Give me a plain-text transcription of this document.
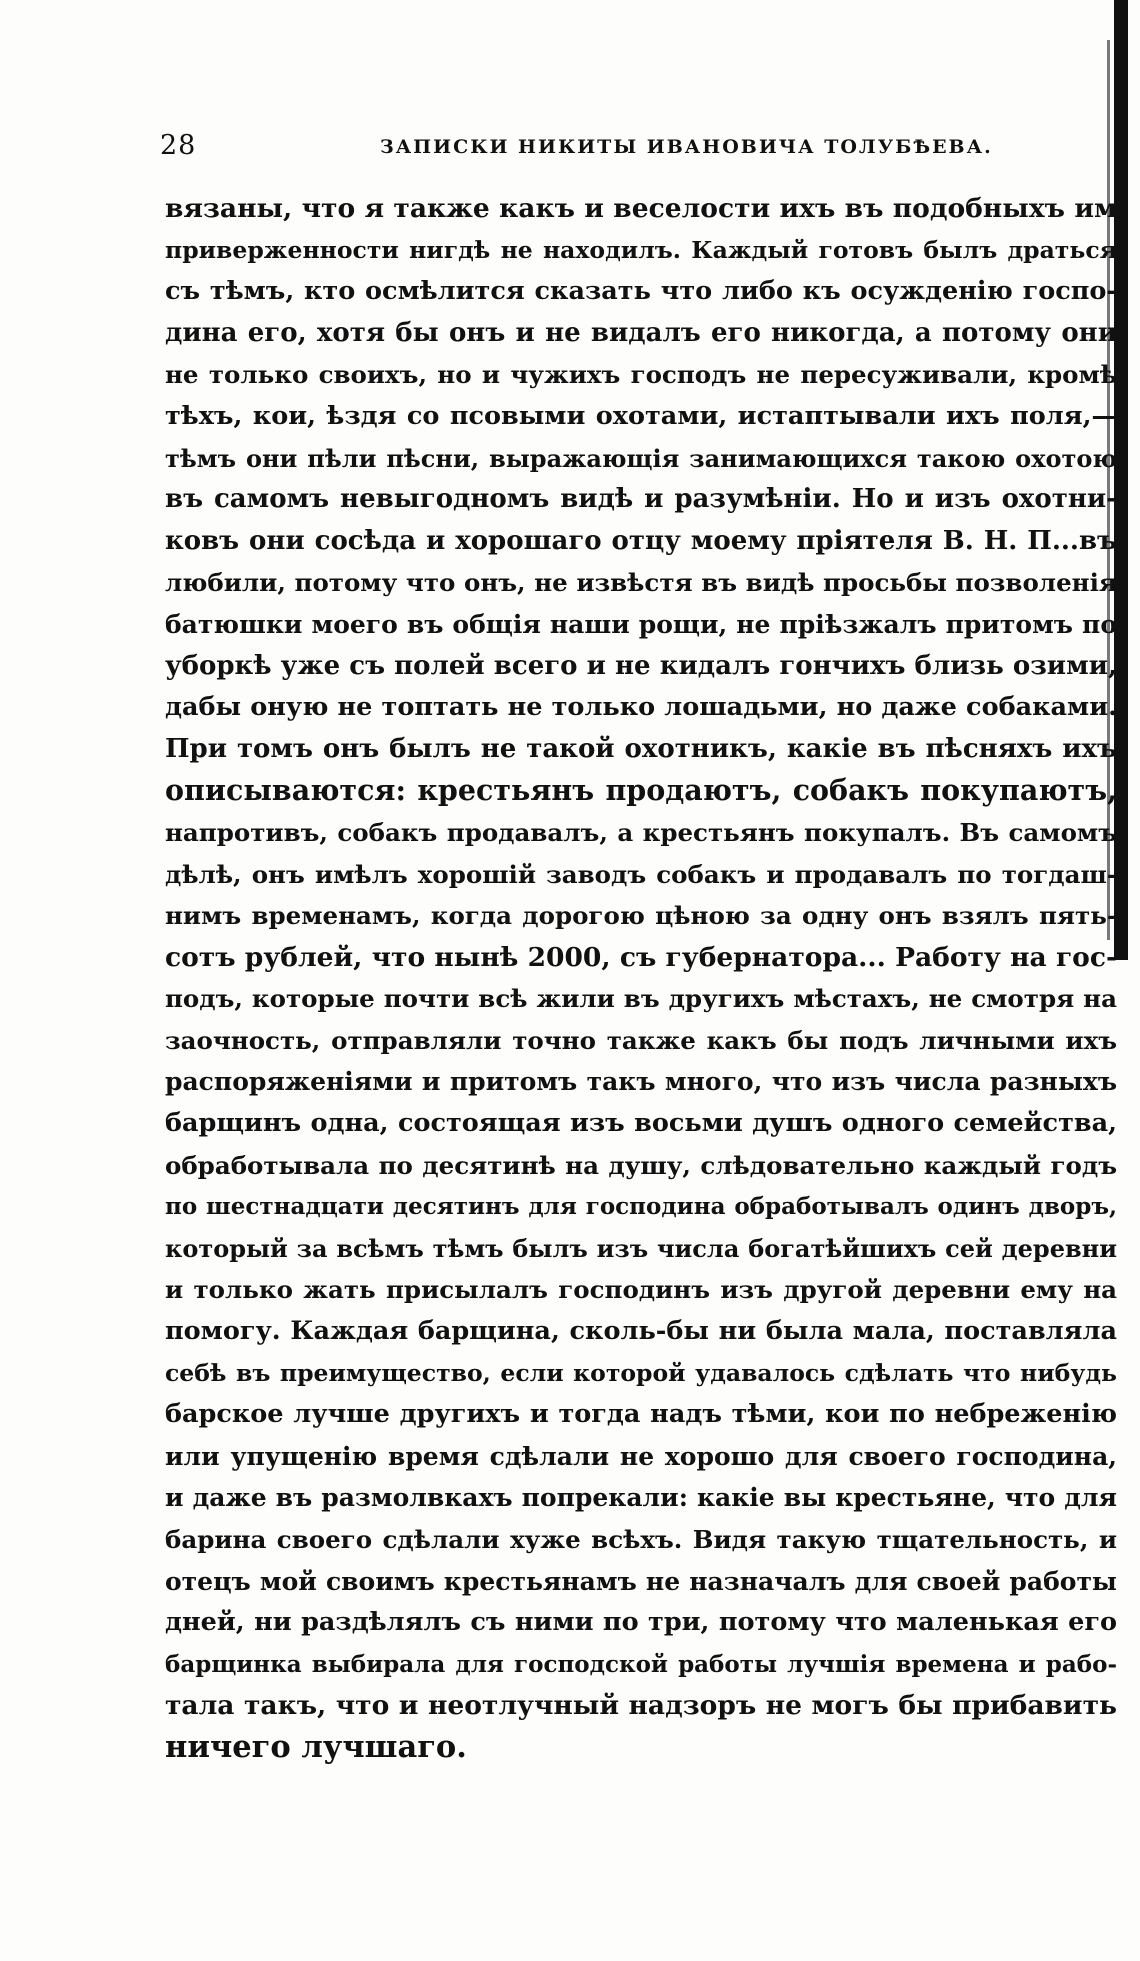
28	ЗАПИСКИ НИКИТЫ ИВАНОВИЧА ТОЛУБѢЕВА.
вязаны, что я также какъ и веселости ихъ въ подобныхъ им
приверженности нигдѣ не находилъ. Каждый готовъ былъ драться
съ тѣмъ, кто осмѣлится сказать что либо къ осужденію госпо-
дина его, хотя бы онъ и не видалъ его никогда, а потому они
не только своихъ, но и чужихъ господъ не пересуживали, кромѣ
тѣхъ, кои, ѣздя со псовыми охотами, истаптывали ихъ поля,—
тѣмъ они пѣли пѣсни, выражающія занимающихся такою охотою
въ самомъ невыгодномъ видѣ и разумѣніи. Но и изъ охотни-
ковъ они сосѣда и хорошаго отцу моему пріятеля В. Н. П...въ
любили, потому что онъ, не извѣстя въ видѣ просьбы позволенія
батюшки моего въ общія наши рощи, не пріѣзжалъ притомъ по
уборкѣ уже съ полей всего и не кидалъ гончихъ близь озими,
дабы оную не топтать не только лошадьми, но даже собаками.
При томъ онъ былъ не такой охотникъ, какіе въ пѣсняхъ ихъ
описываются: крестьянъ продаютъ, собакъ покупаютъ,
напротивъ, собакъ продавалъ, а крестьянъ покупалъ. Въ самомъ
дѣлѣ, онъ имѣлъ хорошій заводъ собакъ и продавалъ по тогдаш-
нимъ временамъ, когда дорогою цѣною за одну онъ взялъ пять-
сотъ рублей, что нынѣ 2000, съ губернатора... Работу на гос-
подъ, которые почти всѣ жили въ другихъ мѣстахъ, не смотря на
заочность, отправляли точно также какъ бы подъ личными ихъ
распоряженіями и притомъ такъ много, что изъ числа разныхъ
барщинъ одна, состоящая изъ восьми душъ одного семейства,
обработывала по десятинѣ на душу, слѣдовательно каждый годъ
по шестнадцати десятинъ для господина обработывалъ одинъ дворъ,
который за всѣмъ тѣмъ былъ изъ числа богатѣйшихъ сей деревни
и только жать присылалъ господинъ изъ другой деревни ему на
помогу. Каждая барщина, сколь-бы ни была мала, поставляла
себѣ въ преимущество, если которой удавалось сдѣлать что нибудь
барское лучше другихъ и тогда надъ тѣми, кои по небреженію
или упущенію время сдѣлали не хорошо для своего господина,
и даже въ размолвкахъ попрекали: какіе вы крестьяне, что для
барина своего сдѣлали хуже всѣхъ. Видя такую тщательность, и
отецъ мой своимъ крестьянамъ не назначалъ для своей работы
дней, ни раздѣлялъ съ ними по три, потому что маленькая его
барщинка выбирала для господской работы лучшія времена и рабо-
тала такъ, что и неотлучный надзоръ не могъ бы прибавить
ничего лучшаго.
